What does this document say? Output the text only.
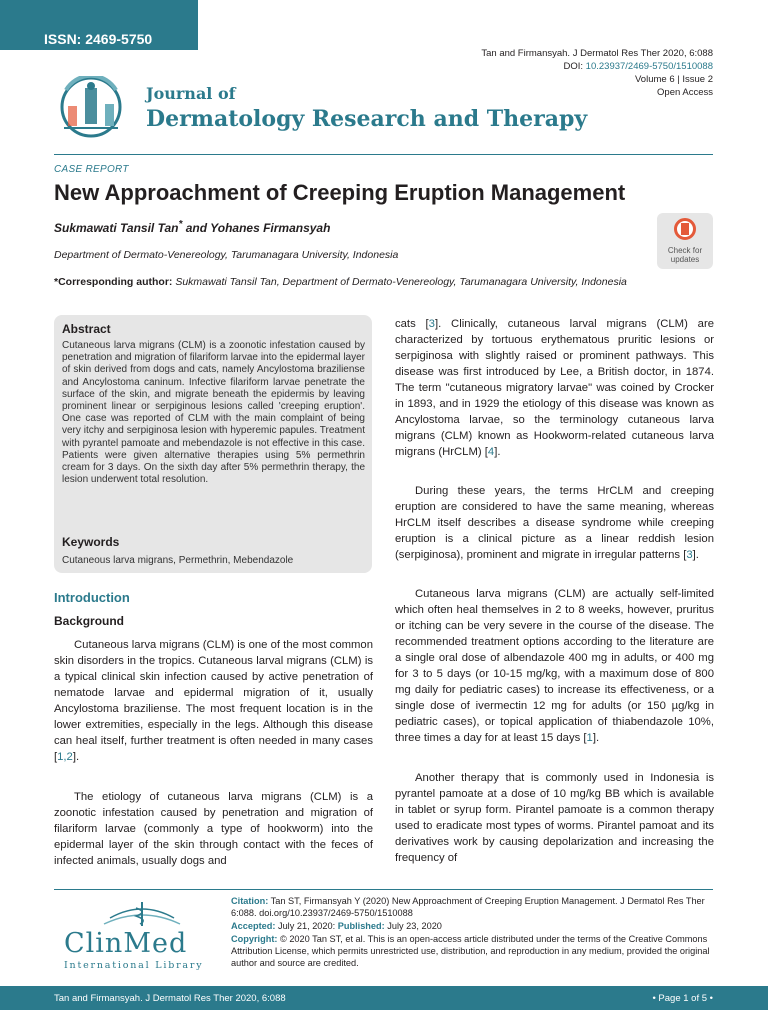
ISSN: 2469-5750
Tan and Firmansyah. J Dermatol Res Ther 2020, 6:088
DOI: 10.23937/2469-5750/1510088
Volume 6 | Issue 2
Open Access
Journal of
Dermatology Research and Therapy
CASE REPORT
New Approachment of Creeping Eruption Management
Sukmawati Tansil Tan* and Yohanes Firmansyah
Department of Dermato-Venereology, Tarumanagara University, Indonesia
*Corresponding author: Sukmawati Tansil Tan, Department of Dermato-Venereology, Tarumanagara University, Indonesia
Check for updates
Abstract
Cutaneous larva migrans (CLM) is a zoonotic infestation caused by penetration and migration of filariform larvae into the epidermal layer of skin derived from dogs and cats, namely Ancylostoma braziliense and Ancylostoma caninum. Infective filariform larvae penetrate the surface of the skin, and migrate beneath the epidermis by leaving prominent linear or serpiginous lesions called 'creeping eruption'. One case was reported of CLM with the main complaint of being very itchy and serpiginosa lesion with hyperemic papules. Treatment with pyrantel pamoate and mebendazole is not effective in this case. Patients were given alternative therapies using 5% permethrin cream for 3 days. On the sixth day after 5% permethrin therapy, the lesion underwent total resolution.
Keywords
Cutaneous larva migrans, Permethrin, Mebendazole
Introduction
Background
Cutaneous larva migrans (CLM) is one of the most common skin disorders in the tropics. Cutaneous larval migrans (CLM) is a typical clinical skin infection caused by active penetration of nematode larvae and epidermal migration of it, usually Ancylostoma braziliense. The most frequent location is in the lower extremities, especially in the legs. Although this disease can heal itself, further treatment is often needed in many cases [1,2].
The etiology of cutaneous larva migrans (CLM) is a zoonotic infestation caused by penetration and migration of filariform larvae (commonly a type of hookworm) into the epidermal layer of the skin through contact with the feces of infected animals, usually dogs and
cats [3]. Clinically, cutaneous larval migrans (CLM) are characterized by tortuous erythematous pruritic lesions or serpiginosa with slightly raised or prominent pathways. This disease was first introduced by Lee, a British doctor, in 1874. The term "cutaneous migratory larvae" was coined by Crocker in 1893, and in 1929 the etiology of this disease was known as Ancylostoma larvae, so the terminology cutaneous larva migrans (CLM) known as Hookworm-related cutaneous larva migrans (HrCLM) [4].
During these years, the terms HrCLM and creeping eruption are considered to have the same meaning, whereas HrCLM itself describes a disease syndrome while creeping eruption is a clinical picture as a linear reddish lesion (serpiginosa), prominent and migrate in irregular patterns [3].
Cutaneous larva migrans (CLM) are actually self-limited which often heal themselves in 2 to 8 weeks, however, pruritus or itching can be very severe in the course of the disease. The recommended treatment options according to the literature are a single oral dose of albendazole 400 mg in adults, or 400 mg for 3 to 5 days (or 10-15 mg/kg, with a maximum dose of 800 mg daily for pediatric cases) to increase its effectiveness, or a single dose of ivermectin 12 mg for adults (or 150 µg/kg in pediatric cases), or topical application of thiabendazole 10%, three times a day for at least 15 days [1].
Another therapy that is commonly used in Indonesia is pyrantel pamoate at a dose of 10 mg/kg BB which is available in tablet or syrup form. Pirantel pamoate is a common therapy used to eradicate most types of worms. Pirantel pamoat and its derivatives work by causing depolarization and increasing the frequency of
ClinMed
International Library
Citation: Tan ST, Firmansyah Y (2020) New Approachment of Creeping Eruption Management. J Dermatol Res Ther 6:088. doi.org/10.23937/2469-5750/1510088
Accepted: July 21, 2020: Published: July 23, 2020
Copyright: © 2020 Tan ST, et al. This is an open-access article distributed under the terms of the Creative Commons Attribution License, which permits unrestricted use, distribution, and reproduction in any medium, provided the original author and source are credited.
Tan and Firmansyah. J Dermatol Res Ther 2020, 6:088	• Page 1 of 5 •
